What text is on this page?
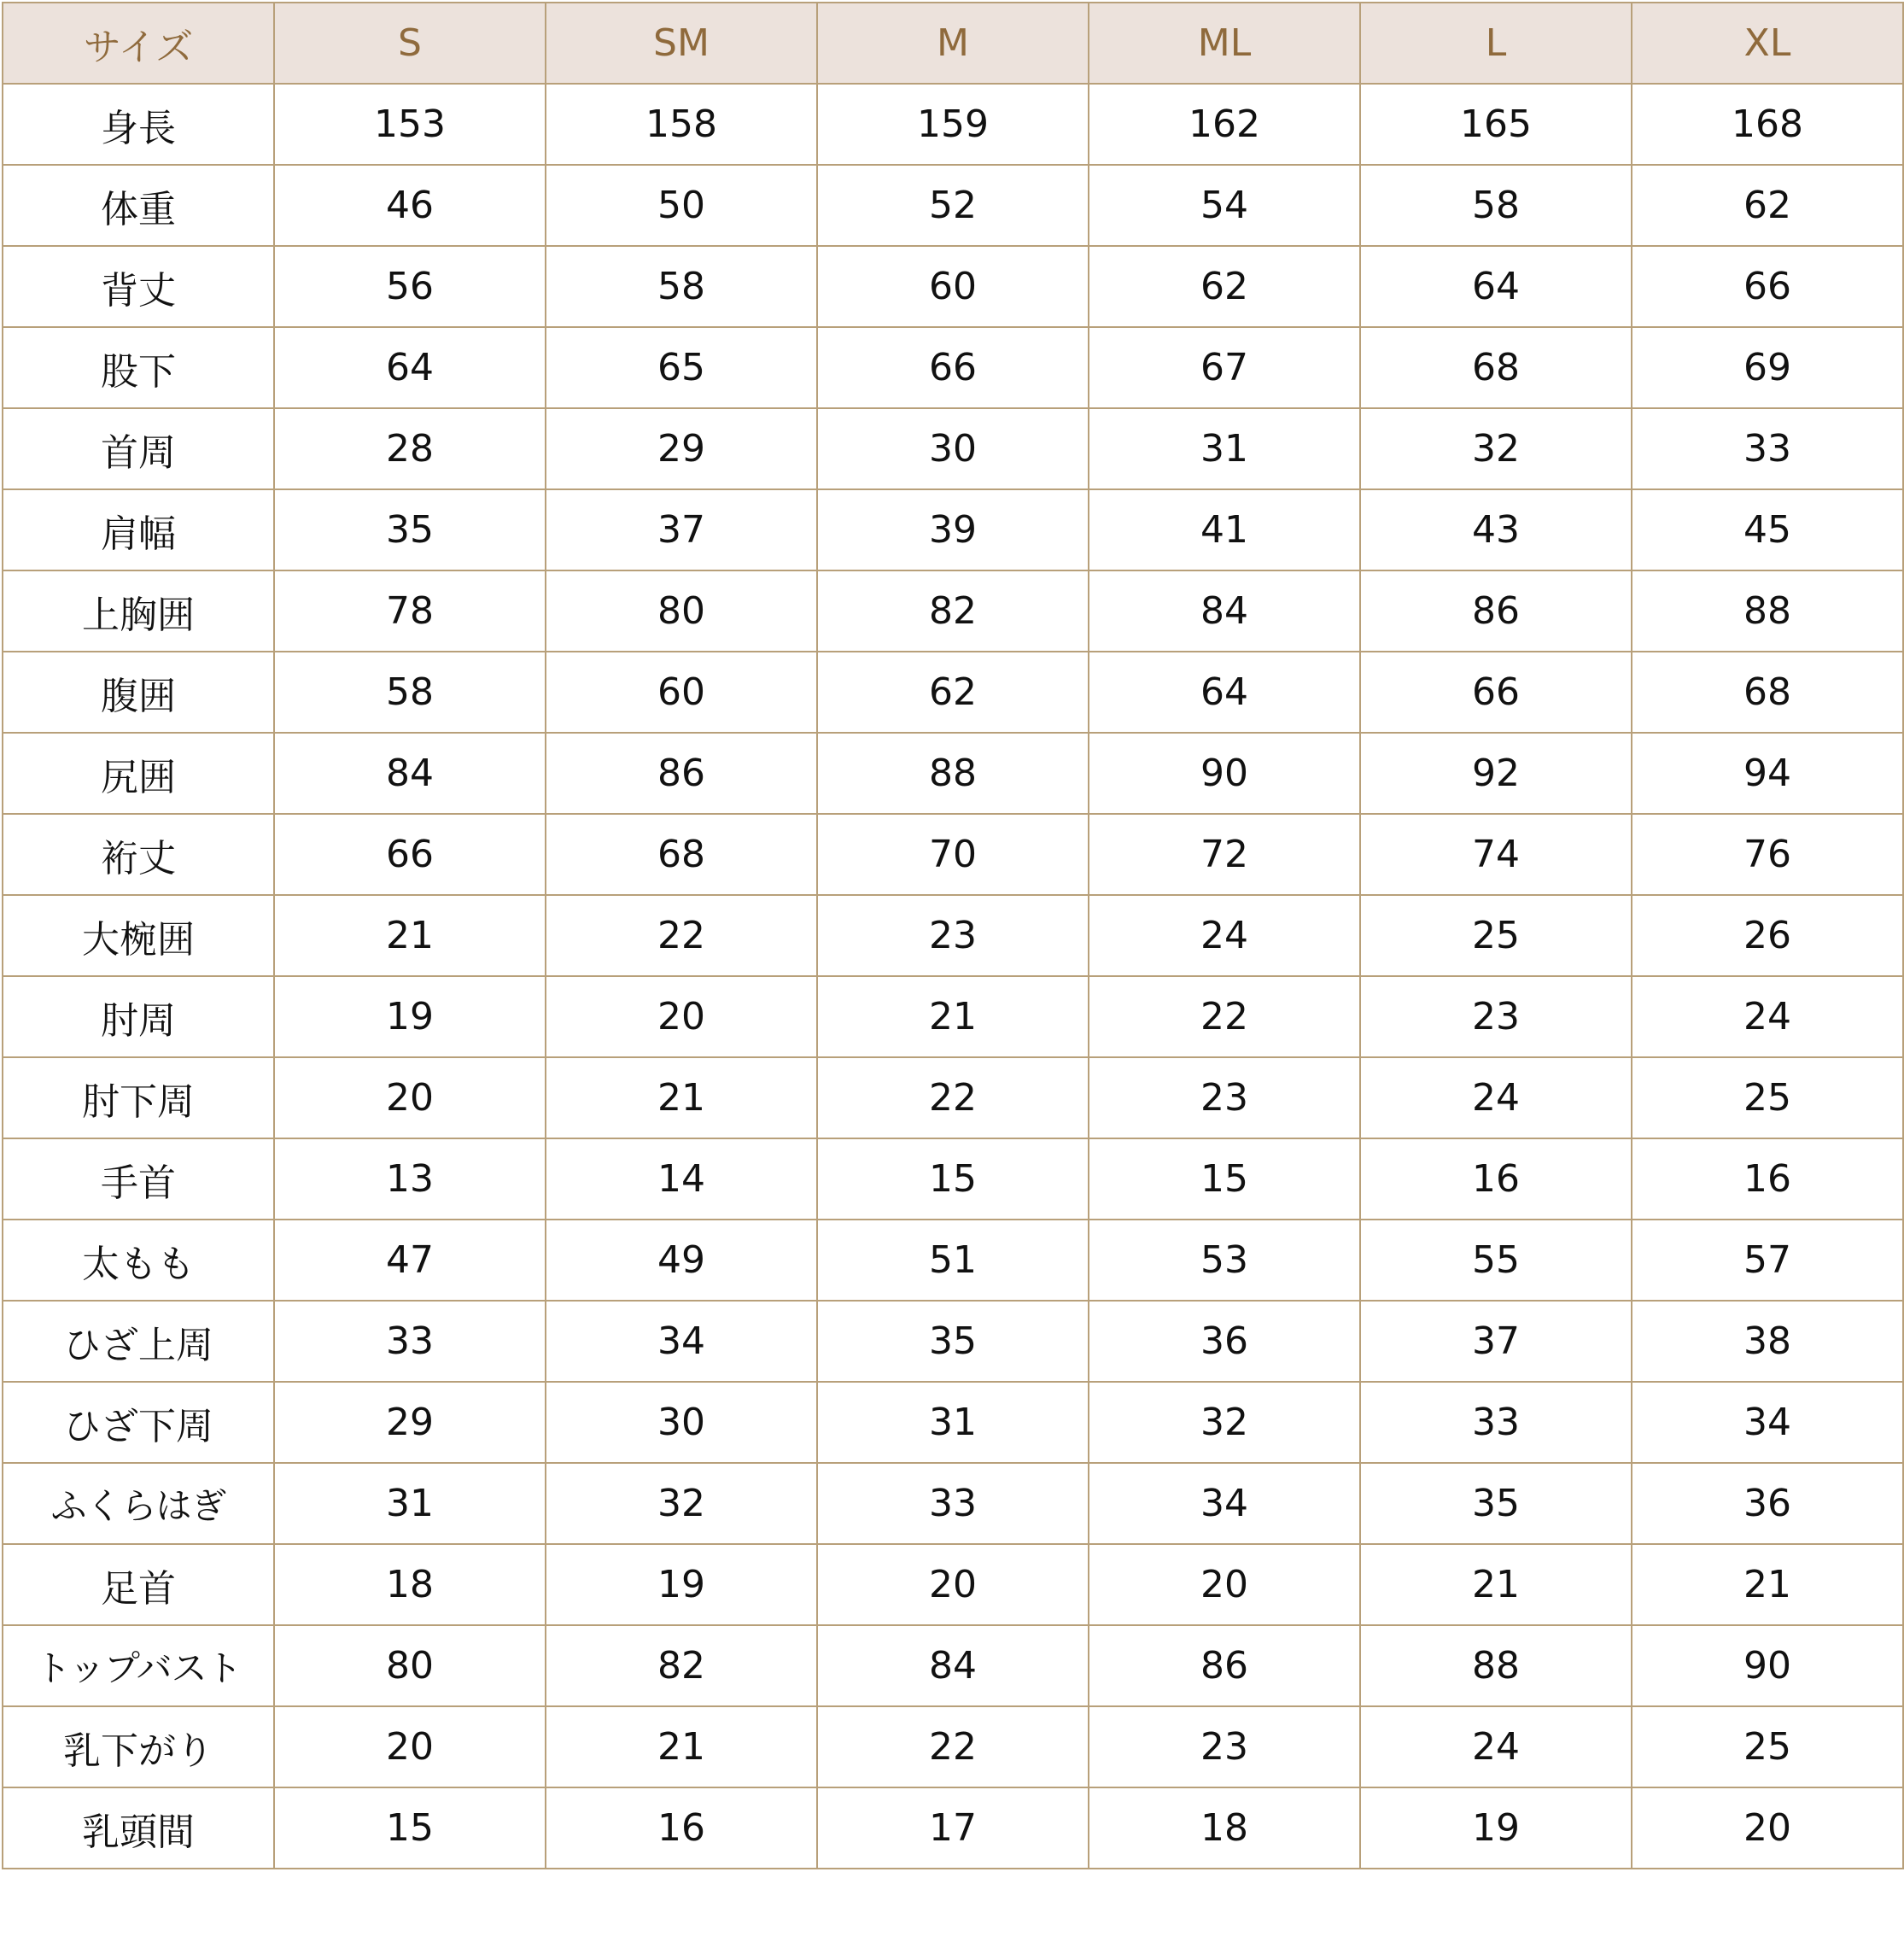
サイズ	S	SM	M	ML	L	XL
身長	153	158	159	162	165	168
体重	46	50	52	54	58	62
背丈	56	58	60	62	64	66
股下	64	65	66	67	68	69
首周	28	29	30	31	32	33
肩幅	35	37	39	41	43	45
上胸囲	78	80	82	84	86	88
腹囲	58	60	62	64	66	68
尻囲	84	86	88	90	92	94
裄丈	66	68	70	72	74	76
大椀囲	21	22	23	24	25	26
肘周	19	20	21	22	23	24
肘下周	20	21	22	23	24	25
手首	13	14	15	15	16	16
太もも	47	49	51	53	55	57
ひざ上周	33	34	35	36	37	38
ひざ下周	29	30	31	32	33	34
ふくらはぎ	31	32	33	34	35	36
足首	18	19	20	20	21	21
トップバスト	80	82	84	86	88	90
乳下がり	20	21	22	23	24	25
乳頭間	15	16	17	18	19	20
